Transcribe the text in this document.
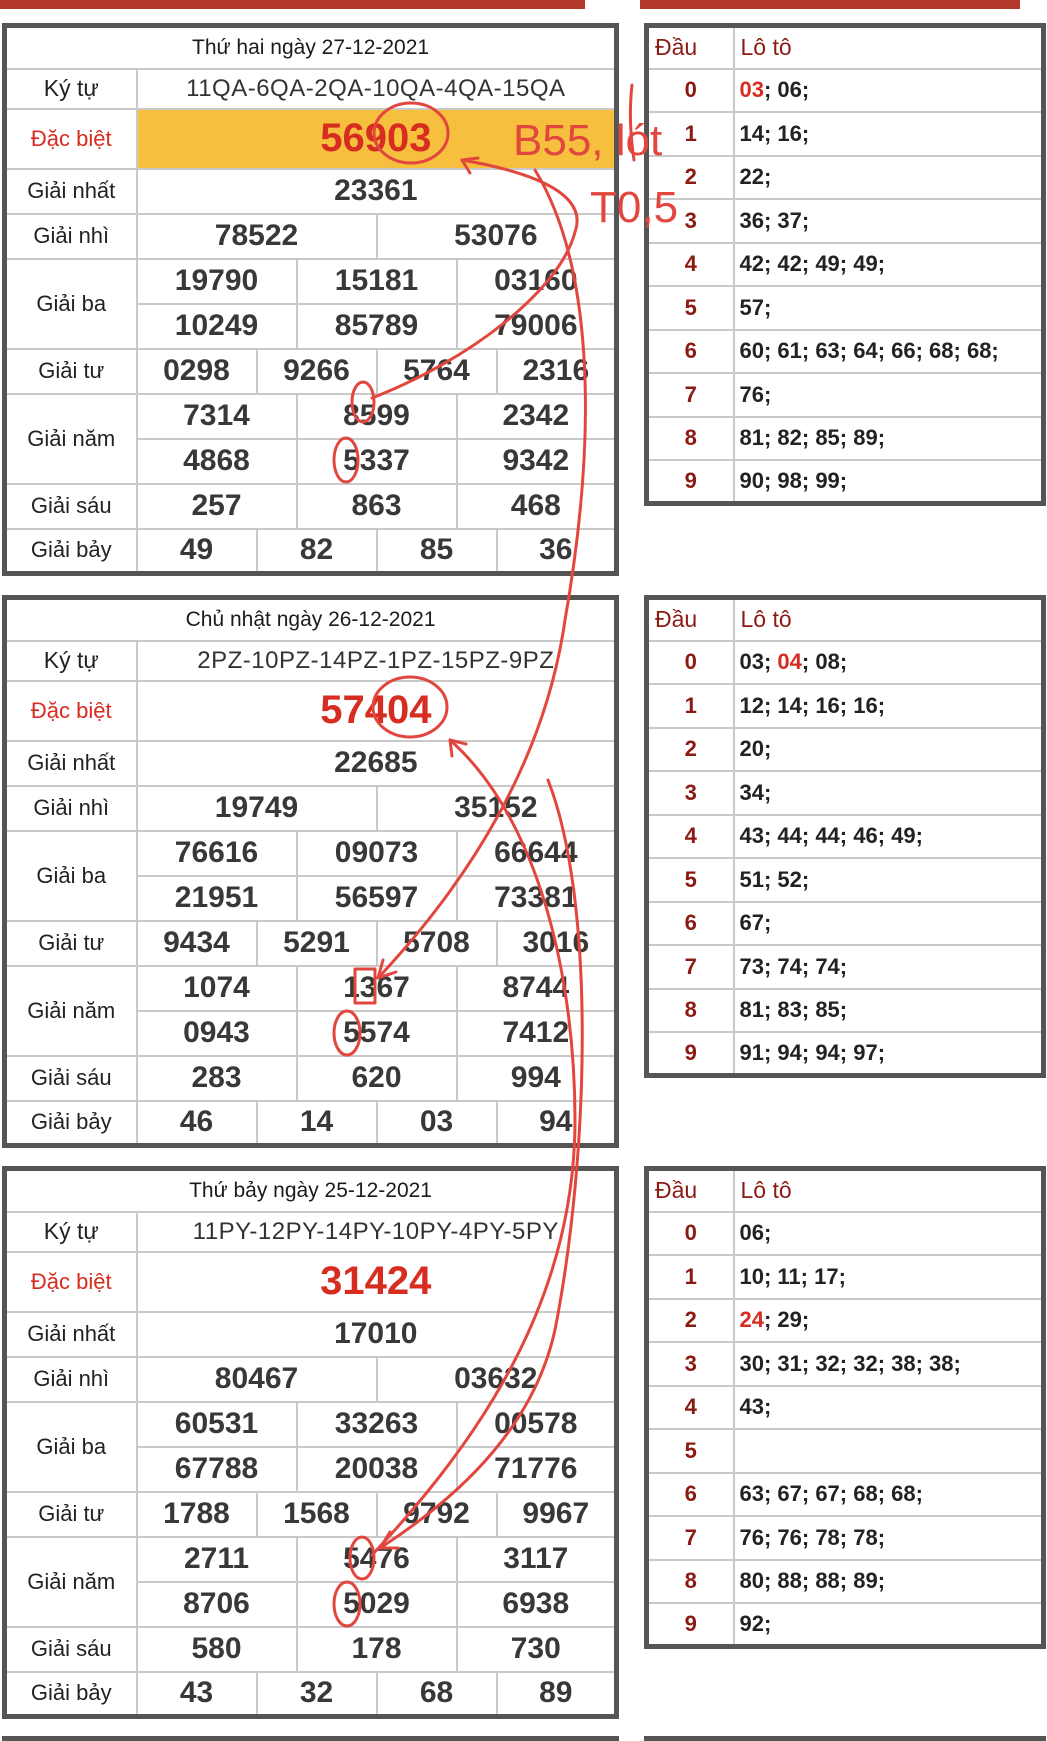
Thứ hai ngày 27-12-2021						
Ký tự	11QA-6QA-2QA-10QA-4QA-15QA					
Đặc biệt	56903					
Giải nhất	23361					
Giải nhì	78522			53076		
Giải ba	19790		15181		03160	
	10249		85789		79006	
Giải tư	0298	9266		5764		2316
Giải năm	7314		8599		2342	
	4868		5337		9342	
Giải sáu	257		863		468	
Giải bảy	49	82		85		36
Đầu	Lô tô
0	03; 06;
1	14; 16;
2	22;
3	36; 37;
4	42; 42; 49; 49;
5	57;
6	60; 61; 63; 64; 66; 68; 68;
7	76;
8	81; 82; 85; 89;
9	90; 98; 99;
Chủ nhật ngày 26-12-2021						
Ký tự	2PZ-10PZ-14PZ-1PZ-15PZ-9PZ					
Đặc biệt	57404					
Giải nhất	22685					
Giải nhì	19749			35152		
Giải ba	76616		09073		66644	
	21951		56597		73381	
Giải tư	9434	5291		5708		3016
Giải năm	1074		1367		8744	
	0943		5574		7412	
Giải sáu	283		620		994	
Giải bảy	46	14		03		94
Đầu	Lô tô
0	03; 04; 08;
1	12; 14; 16; 16;
2	20;
3	34;
4	43; 44; 44; 46; 49;
5	51; 52;
6	67;
7	73; 74; 74;
8	81; 83; 85;
9	91; 94; 94; 97;
Thứ bảy ngày 25-12-2021						
Ký tự	11PY-12PY-14PY-10PY-4PY-5PY					
Đặc biệt	31424					
Giải nhất	17010					
Giải nhì	80467			03632		
Giải ba	60531		33263		00578	
	67788		20038		71776	
Giải tư	1788	1568		9792		9967
Giải năm	2711		5476		3117	
	8706		5029		6938	
Giải sáu	580		178		730	
Giải bảy	43	32		68		89
Đầu	Lô tô
0	06;
1	10; 11; 17;
2	24; 29;
3	30; 31; 32; 32; 38; 38;
4	43;
5	
6	63; 67; 67; 68; 68;
7	76; 76; 78; 78;
8	80; 88; 88; 89;
9	92;
B55, lót
T0,5
